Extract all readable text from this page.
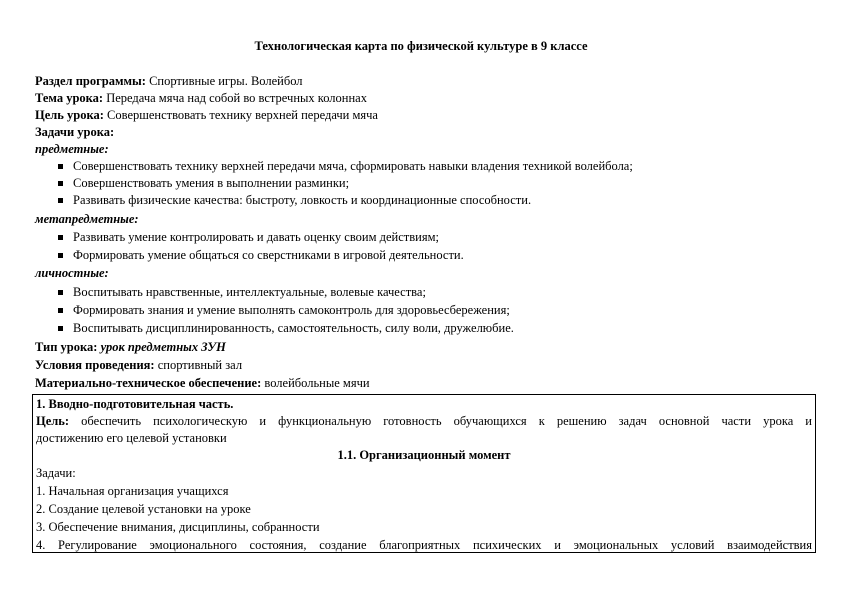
Технологическая карта по физической культуре в 9 классе
Раздел программы: Спортивные игры. Волейбол
Тема урока: Передача мяча над собой во встречных колоннах
Цель урока: Совершенствовать технику верхней передачи мяча
Задачи урока:
предметные:
Совершенствовать технику верхней передачи мяча, сформировать навыки владения техникой волейбола;
Совершенствовать умения в выполнении разминки;
Развивать физические качества: быстроту, ловкость и координационные способности.
метапредметные:
Развивать умение контролировать и давать оценку своим действиям;
Формировать умение общаться со сверстниками в игровой деятельности.
личностные:
Воспитывать нравственные, интеллектуальные, волевые качества;
Формировать знания и умение выполнять самоконтроль для здоровьесбережения;
Воспитывать дисциплинированность, самостоятельность, силу воли, дружелюбие.
Тип урока: урок предметных ЗУН
Условия проведения: спортивный зал
Материально-техническое обеспечение: волейбольные мячи
1. Вводно-подготовительная часть.
Цель: обеспечить психологическую и функциональную готовность обучающихся к решению задач основной части урока и
достижению его целевой установки
1.1. Организационный момент
Задачи:
1. Начальная организация учащихся
2. Создание целевой установки на уроке
3. Обеспечение внимания, дисциплины, собранности
4. Регулирование эмоционального состояния, создание благоприятных психических и эмоциональных условий взаимодействия
